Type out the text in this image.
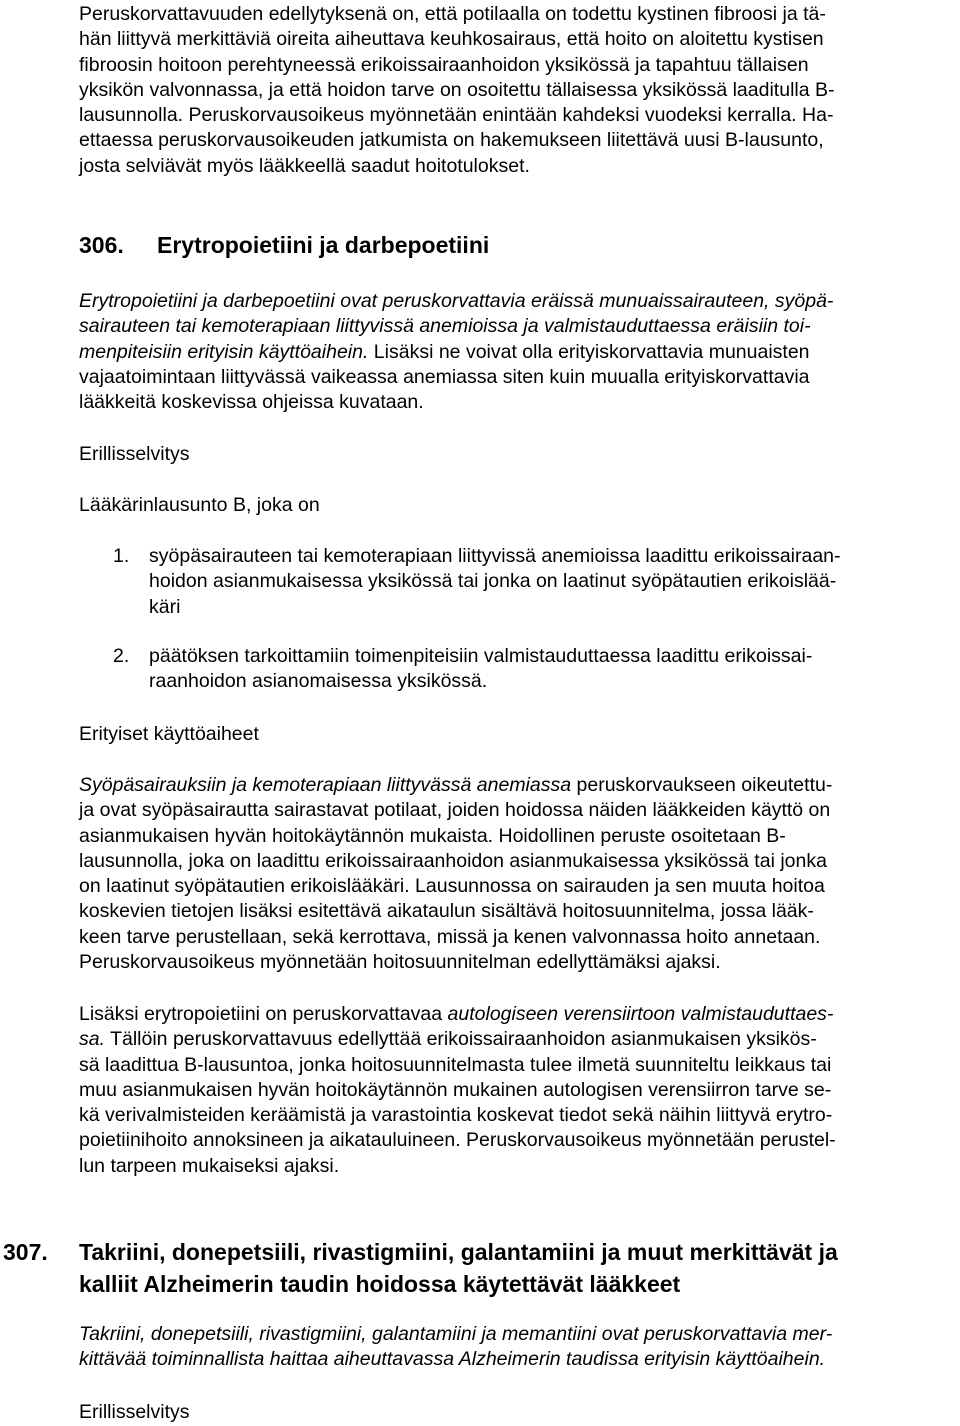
Peruskorvattavuuden edellytyksenä on, että potilaalla on todettu kystinen fibroosi ja tä-
hän liittyvä merkittäviä oireita aiheuttava keuhkosairaus, että hoito on aloitettu kystisen
fibroosin hoitoon perehtyneessä erikoissairaanhoidon yksikössä ja tapahtuu tällaisen
yksikön valvonnassa, ja että hoidon tarve on osoitettu tällaisessa yksikössä laaditulla B-
lausunnolla. Peruskorvausoikeus myönnetään enintään kahdeksi vuodeksi kerralla. Ha-
ettaessa peruskorvausoikeuden jatkumista on hakemukseen liitettävä uusi B-lausunto,
josta selviävät myös lääkkeellä saadut hoitotulokset.
306. Erytropoietiini ja darbepoetiini
Erytropoietiini ja darbepoetiini ovat peruskorvattavia eräissä munuaissairauteen, syöpä-
sairauteen tai kemoterapiaan liittyvissä anemioissa ja valmistauduttaessa eräisiin toi-
menpiteisiin erityisin käyttöaihein. Lisäksi ne voivat olla erityiskorvattavia munuaisten
vajaatoimintaan liittyvässä vaikeassa anemiassa siten kuin muualla erityiskorvattavia
lääkkeitä koskevissa ohjeissa kuvataan.
Erillisselvitys
Lääkärinlausunto B, joka on
1. syöpäsairauteen tai kemoterapiaan liittyvissä anemioissa laadittu erikoissairaan-
hoidon asianmukaisessa yksikössä tai jonka on laatinut syöpätautien erikoislää-
käri
2. päätöksen tarkoittamiin toimenpiteisiin valmistauduttaessa laadittu erikoissai-
raanhoidon asianomaisessa yksikössä.
Erityiset käyttöaiheet
Syöpäsairauksiin ja kemoterapiaan liittyvässä anemiassa peruskorvaukseen oikeutettu-
ja ovat syöpäsairautta sairastavat potilaat, joiden hoidossa näiden lääkkeiden käyttö on
asianmukaisen hyvän hoitokäytännön mukaista. Hoidollinen peruste osoitetaan B-
lausunnolla, joka on laadittu erikoissairaanhoidon asianmukaisessa yksikössä tai jonka
on laatinut syöpätautien erikoislääkäri. Lausunnossa on sairauden ja sen muuta hoitoa
koskevien tietojen lisäksi esitettävä aikataulun sisältävä hoitosuunnitelma, jossa lääk-
keen tarve perustellaan, sekä kerrottava, missä ja kenen valvonnassa hoito annetaan.
Peruskorvausoikeus myönnetään hoitosuunnitelman edellyttämäksi ajaksi.
Lisäksi erytropoietiini on peruskorvattavaa autologiseen verensiirtoon valmistauduttaes-
sa. Tällöin peruskorvattavuus edellyttää erikoissairaanhoidon asianmukaisen yksikös-
sä laadittua B-lausuntoa, jonka hoitosuunnitelmasta tulee ilmetä suunniteltu leikkaus tai
muu asianmukaisen hyvän hoitokäytännön mukainen autologisen verensiirron tarve se-
kä verivalmisteiden keräämistä ja varastointia koskevat tiedot sekä näihin liittyvä erytro-
poietiinihoito annoksineen ja aikatauluineen. Peruskorvausoikeus myönnetään perustel-
lun tarpeen mukaiseksi ajaksi.
307. Takriini, donepetsiili, rivastigmiini, galantamiini ja muut merkittävät ja
kalliit Alzheimerin taudin hoidossa käytettävät lääkkeet
Takriini, donepetsiili, rivastigmiini, galantamiini ja memantiini ovat peruskorvattavia mer-
kittävää toiminnallista haittaa aiheuttavassa Alzheimerin taudissa erityisin käyttöaihein.
Erillisselvitys
